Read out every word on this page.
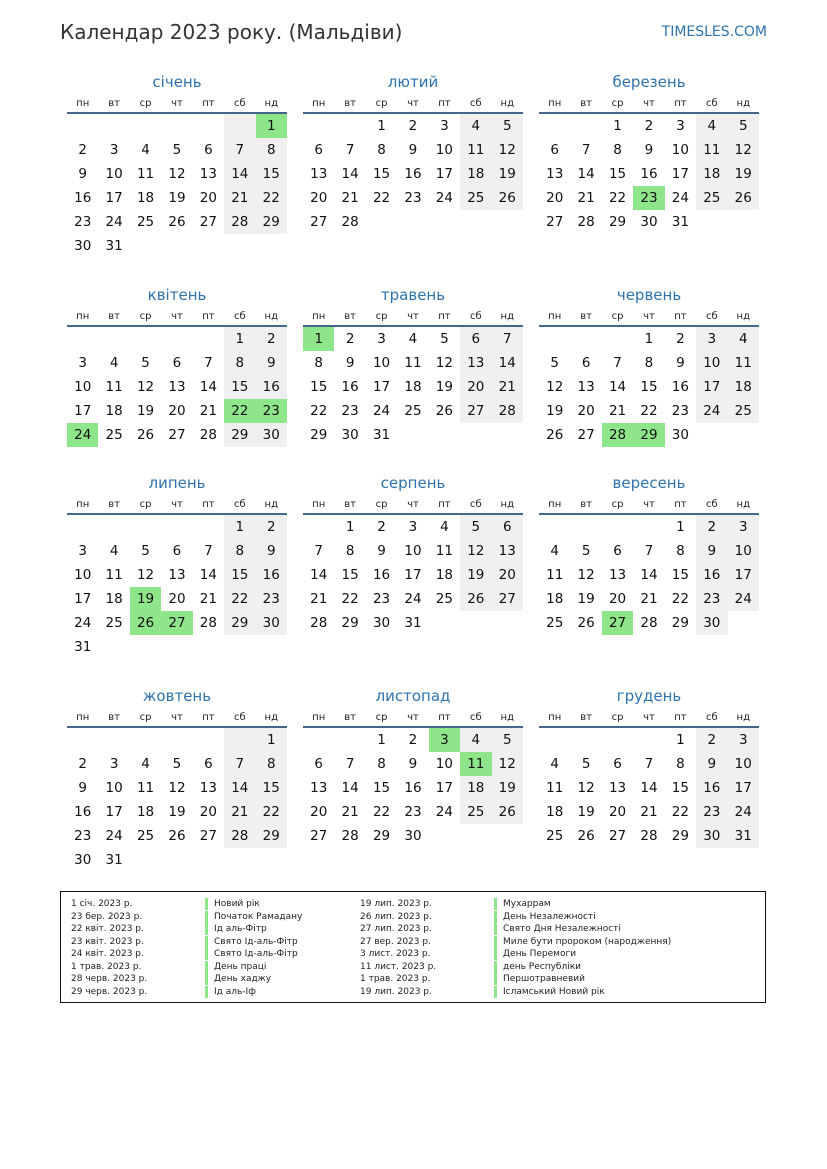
Календар 2023 року. (Мальдіви)	TIMESLES.COM
січень
пн	вт	ср	чт	пт	сб	нд
						1
2	3	4	5	6	7	8
9	10	11	12	13	14	15
16	17	18	19	20	21	22
23	24	25	26	27	28	29
30	31					
лютий
пн	вт	ср	чт	пт	сб	нд
		1	2	3	4	5
6	7	8	9	10	11	12
13	14	15	16	17	18	19
20	21	22	23	24	25	26
27	28					
березень
пн	вт	ср	чт	пт	сб	нд
		1	2	3	4	5
6	7	8	9	10	11	12
13	14	15	16	17	18	19
20	21	22	23	24	25	26
27	28	29	30	31		
квітень
пн	вт	ср	чт	пт	сб	нд
					1	2
3	4	5	6	7	8	9
10	11	12	13	14	15	16
17	18	19	20	21	22	23
24	25	26	27	28	29	30
травень
пн	вт	ср	чт	пт	сб	нд
1	2	3	4	5	6	7
8	9	10	11	12	13	14
15	16	17	18	19	20	21
22	23	24	25	26	27	28
29	30	31				
червень
пн	вт	ср	чт	пт	сб	нд
			1	2	3	4
5	6	7	8	9	10	11
12	13	14	15	16	17	18
19	20	21	22	23	24	25
26	27	28	29	30		
липень
пн	вт	ср	чт	пт	сб	нд
					1	2
3	4	5	6	7	8	9
10	11	12	13	14	15	16
17	18	19	20	21	22	23
24	25	26	27	28	29	30
31						
серпень
пн	вт	ср	чт	пт	сб	нд
	1	2	3	4	5	6
7	8	9	10	11	12	13
14	15	16	17	18	19	20
21	22	23	24	25	26	27
28	29	30	31			
вересень
пн	вт	ср	чт	пт	сб	нд
				1	2	3
4	5	6	7	8	9	10
11	12	13	14	15	16	17
18	19	20	21	22	23	24
25	26	27	28	29	30	
жовтень
пн	вт	ср	чт	пт	сб	нд
						1
2	3	4	5	6	7	8
9	10	11	12	13	14	15
16	17	18	19	20	21	22
23	24	25	26	27	28	29
30	31					
листопад
пн	вт	ср	чт	пт	сб	нд
		1	2	3	4	5
6	7	8	9	10	11	12
13	14	15	16	17	18	19
20	21	22	23	24	25	26
27	28	29	30			
грудень
пн	вт	ср	чт	пт	сб	нд
				1	2	3
4	5	6	7	8	9	10
11	12	13	14	15	16	17
18	19	20	21	22	23	24
25	26	27	28	29	30	31
1 січ. 2023 р.	Новий рік
23 бер. 2023 р.	Початок Рамадану
22 квіт. 2023 р.	Ід аль-Фітр
23 квіт. 2023 р.	Свято Ід-аль-Фітр
24 квіт. 2023 р.	Свято Ід-аль-Фітр
1 трав. 2023 р.	День праці
28 черв. 2023 р.	День хаджу
29 черв. 2023 р.	Ід аль-Іф
19 лип. 2023 р.	Мухаррам
26 лип. 2023 р.	День Незалежності
27 лип. 2023 р.	Свято Дня Незалежності
27 вер. 2023 р.	Миле бути пророком (народження)
3 лист. 2023 р.	День Перемоги
11 лист. 2023 р.	день Республіки
1 трав. 2023 р.	Першотравневий
19 лип. 2023 р.	Ісламський Новий рік
